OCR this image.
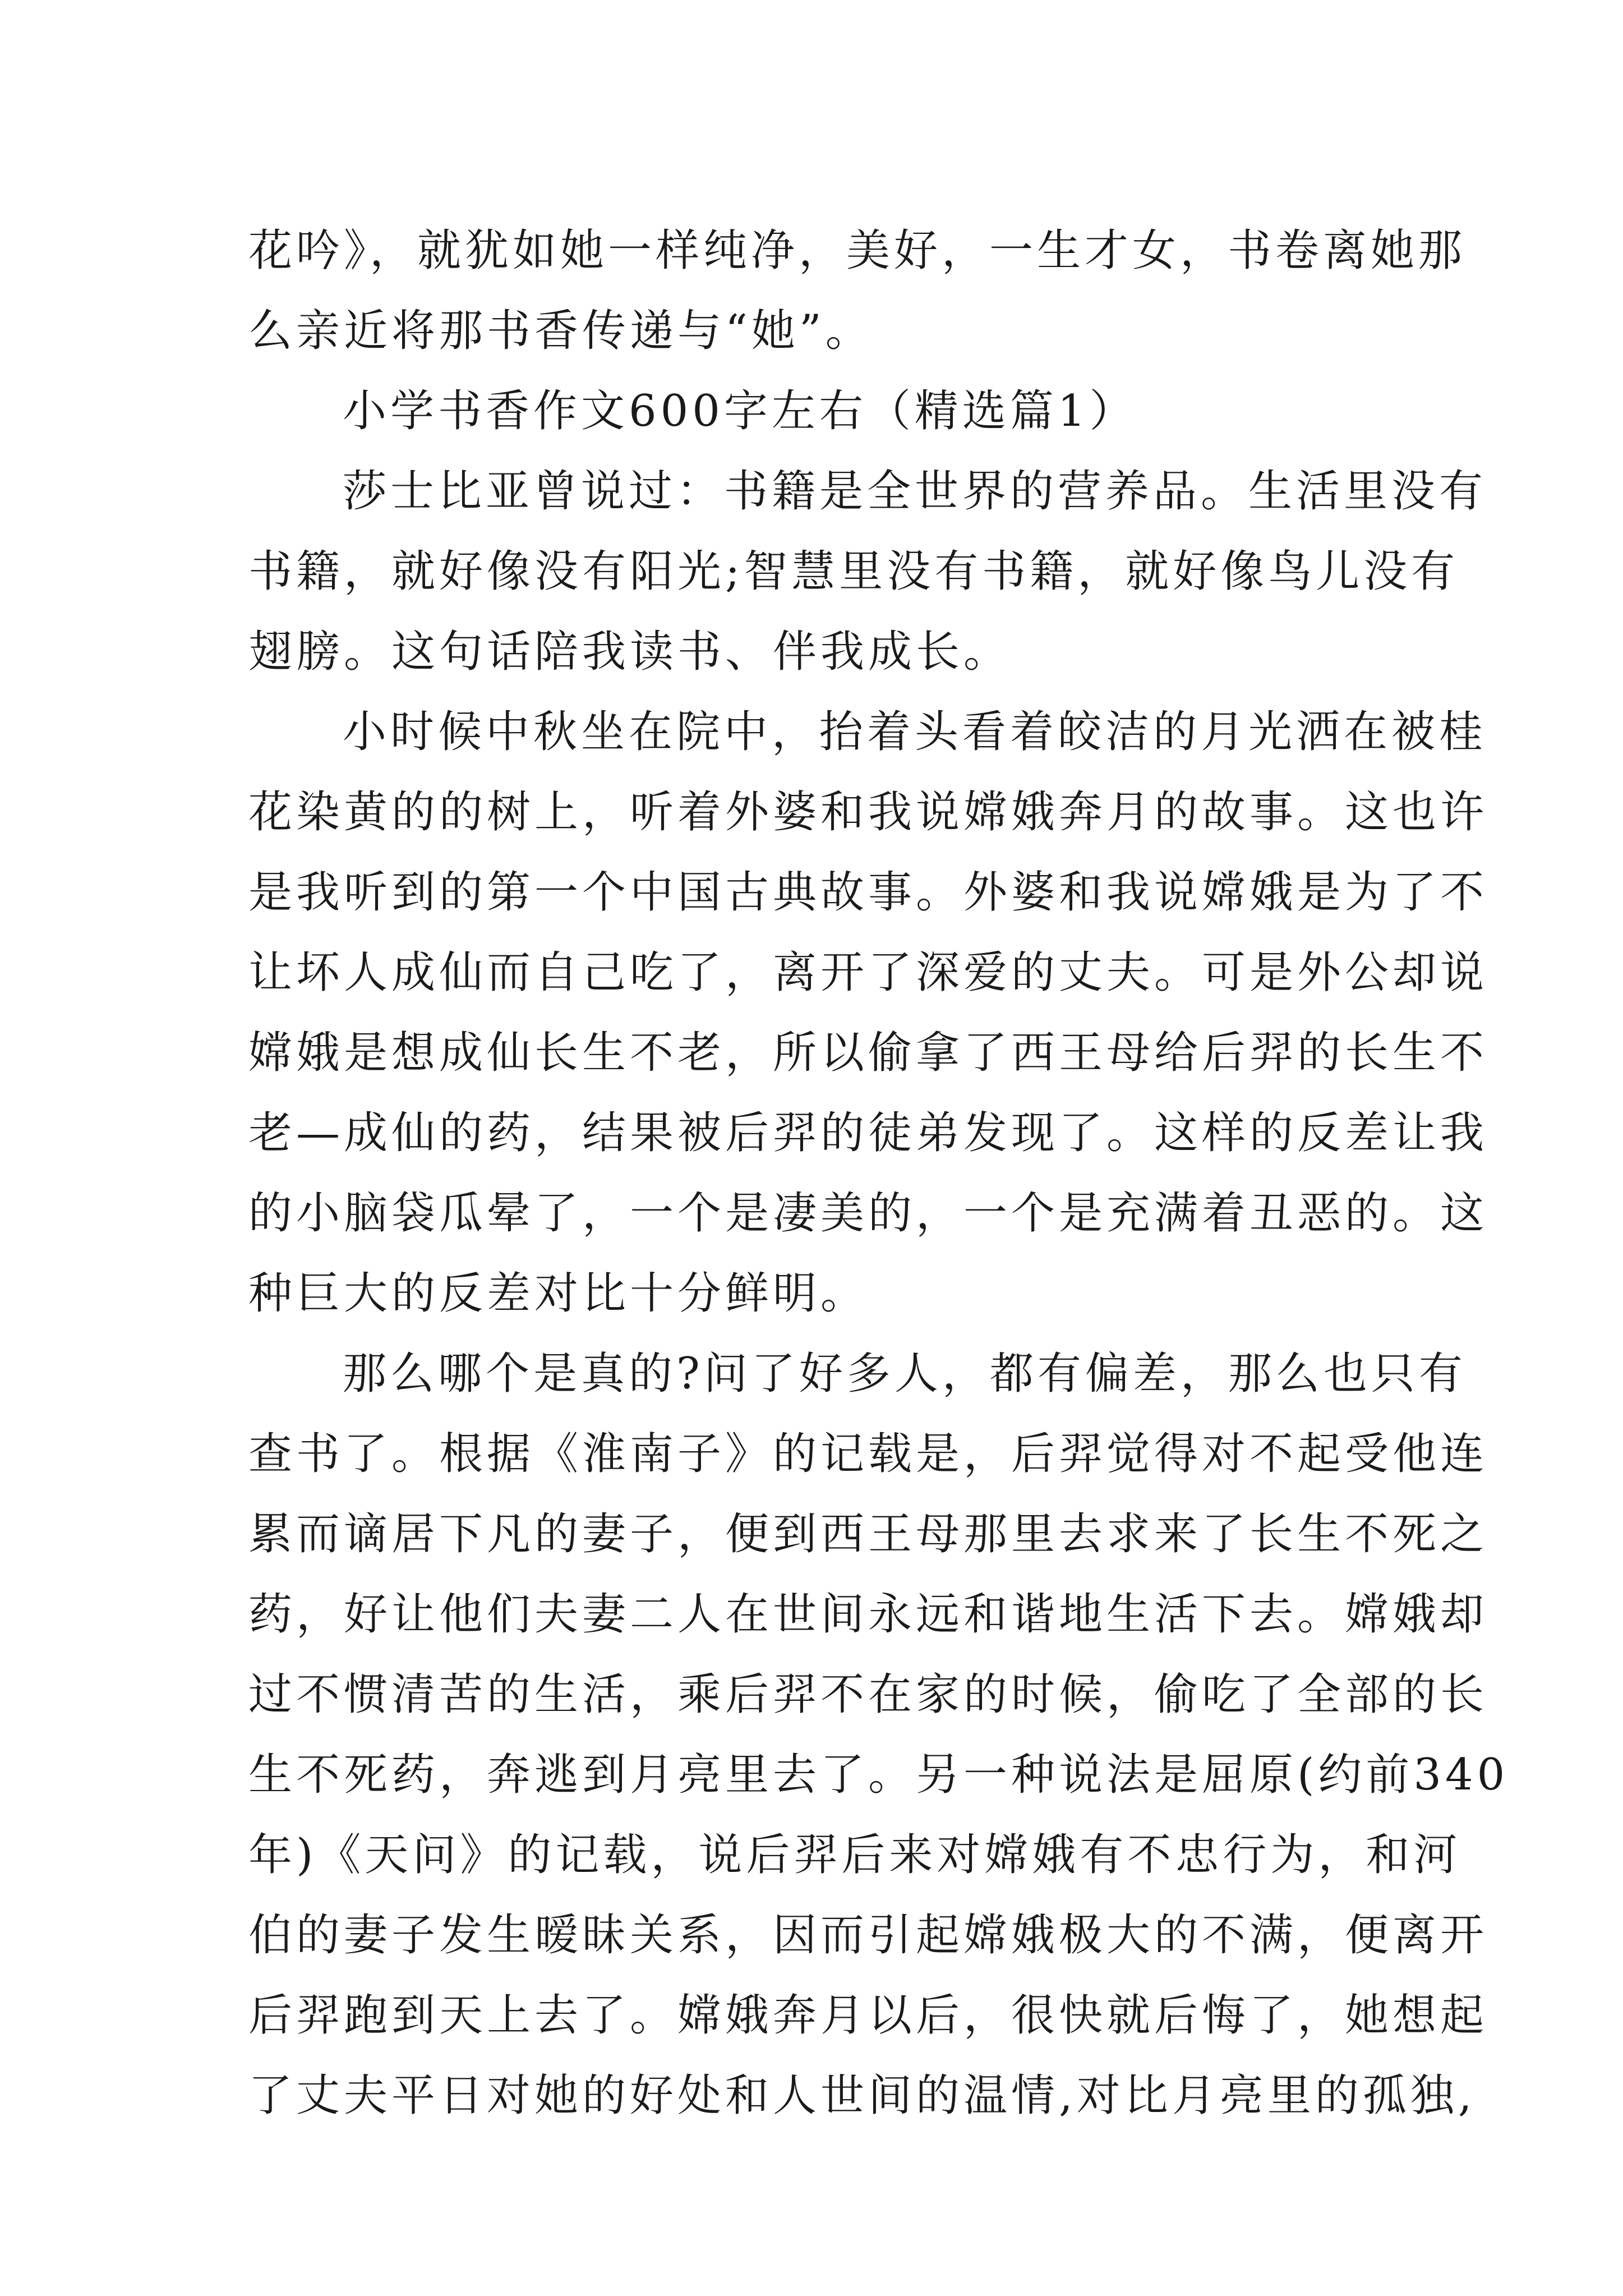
花吟》，就犹如她一样纯净，美好，一生才女，书卷离她那
么亲近将那书香传递与“她”。
小学书香作文600字左右（精选篇1）
莎士比亚曾说过：书籍是全世界的营养品。生活里没有
书籍，就好像没有阳光;智慧里没有书籍，就好像鸟儿没有
翅膀。这句话陪我读书、伴我成长。
小时候中秋坐在院中，抬着头看着皎洁的月光洒在被桂
花染黄的的树上，听着外婆和我说嫦娥奔月的故事。这也许
是我听到的第一个中国古典故事。外婆和我说嫦娥是为了不
让坏人成仙而自己吃了，离开了深爱的丈夫。可是外公却说
嫦娥是想成仙长生不老，所以偷拿了西王母给后羿的长生不
老—成仙的药，结果被后羿的徒弟发现了。这样的反差让我
的小脑袋瓜晕了，一个是凄美的，一个是充满着丑恶的。这
种巨大的反差对比十分鲜明。
那么哪个是真的?问了好多人，都有偏差，那么也只有
查书了。根据《淮南子》的记载是，后羿觉得对不起受他连
累而谪居下凡的妻子，便到西王母那里去求来了长生不死之
药，好让他们夫妻二人在世间永远和谐地生活下去。嫦娥却
过不惯清苦的生活，乘后羿不在家的时候，偷吃了全部的长
生不死药，奔逃到月亮里去了。另一种说法是屈原(约前340
年)《天问》的记载，说后羿后来对嫦娥有不忠行为，和河
伯的妻子发生暧昧关系，因而引起嫦娥极大的不满，便离开
后羿跑到天上去了。嫦娥奔月以后，很快就后悔了，她想起
了丈夫平日对她的好处和人世间的温情,对比月亮里的孤独,
